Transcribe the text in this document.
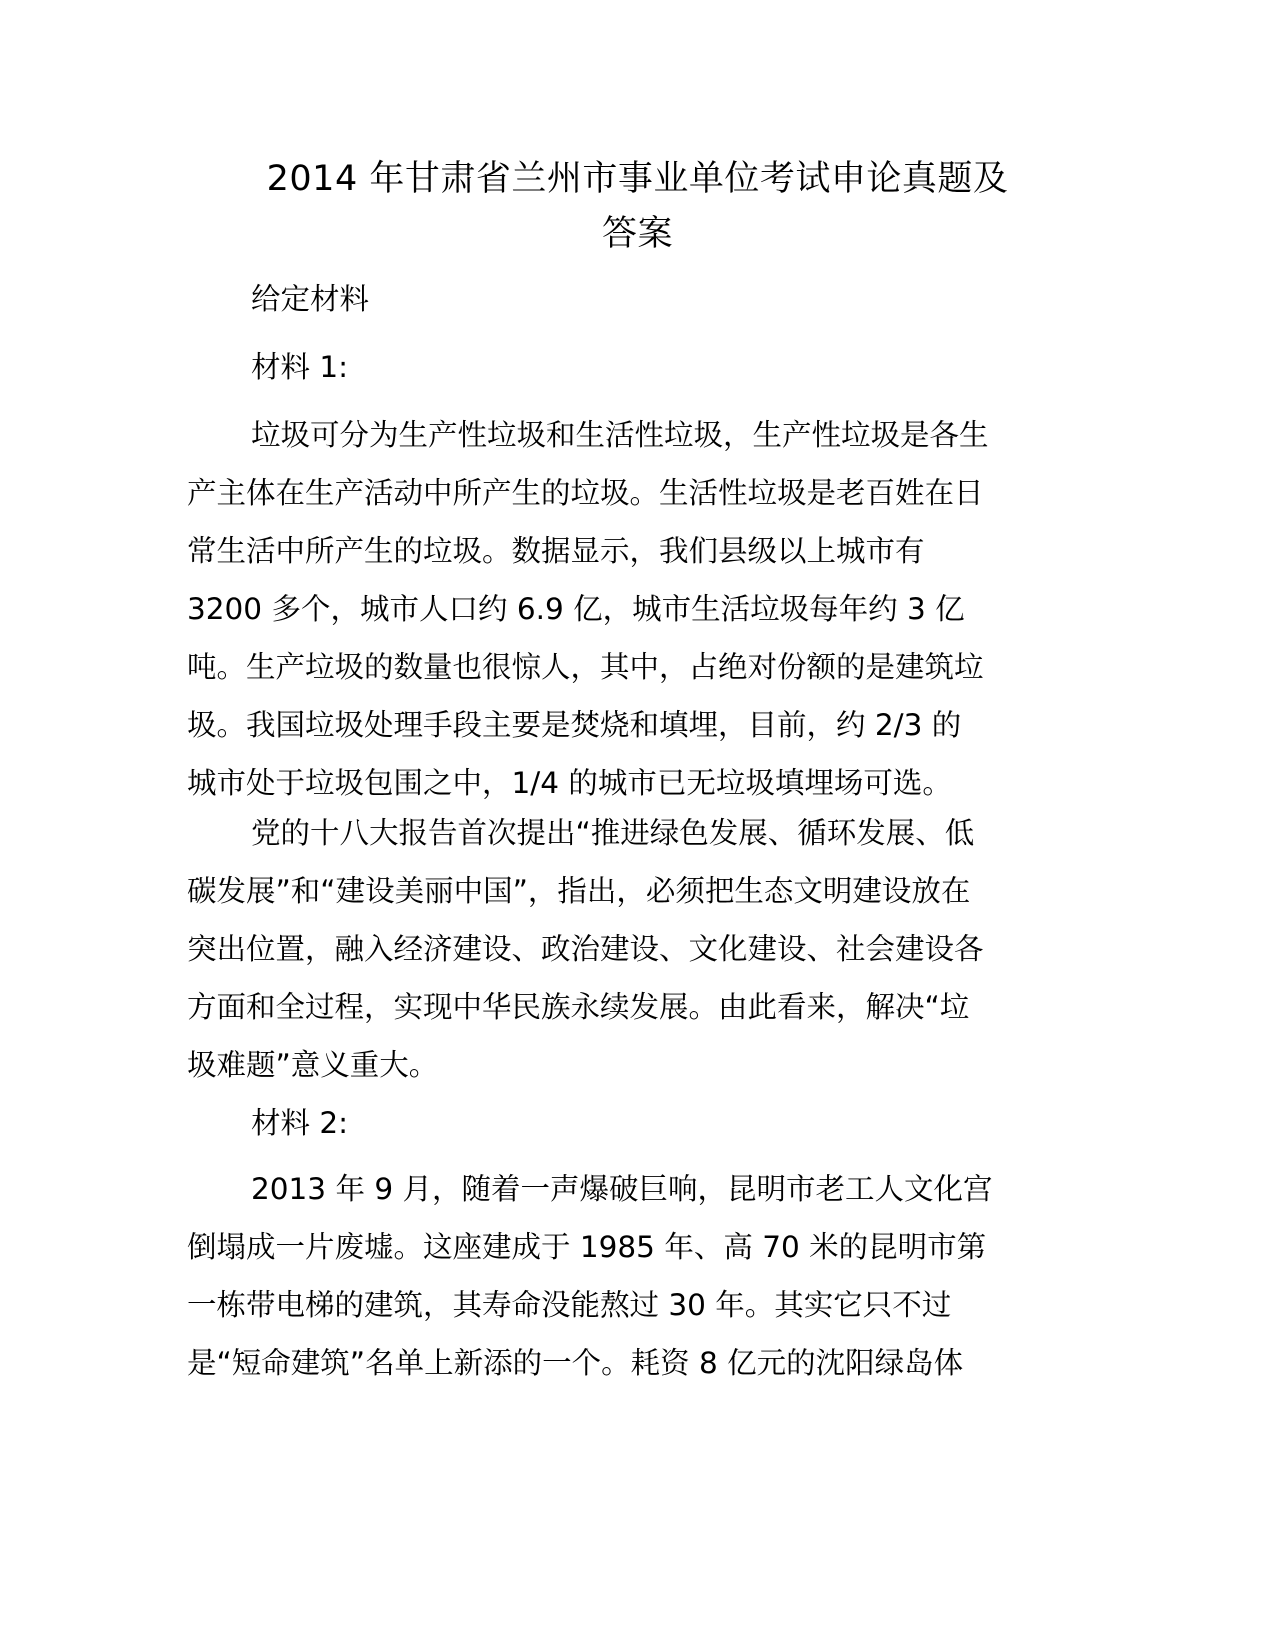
2014 年甘肃省兰州市事业单位考试申论真题及
答案

给定材料

材料 1:

垃圾可分为生产性垃圾和生活性垃圾，生产性垃圾是各生
产主体在生产活动中所产生的垃圾。生活性垃圾是老百姓在日
常生活中所产生的垃圾。数据显示，我们县级以上城市有
3200 多个，城市人口约 6.9 亿，城市生活垃圾每年约 3 亿
吨。生产垃圾的数量也很惊人，其中，占绝对份额的是建筑垃
圾。我国垃圾处理手段主要是焚烧和填埋，目前，约 2/3 的
城市处于垃圾包围之中，1/4 的城市已无垃圾填埋场可选。
党的十八大报告首次提出“推进绿色发展、循环发展、低
碳发展”和“建设美丽中国”，指出，必须把生态文明建设放在
突出位置，融入经济建设、政治建设、文化建设、社会建设各
方面和全过程，实现中华民族永续发展。由此看来，解决“垃
圾难题”意义重大。

材料 2:

2013 年 9 月，随着一声爆破巨响，昆明市老工人文化宫
倒塌成一片废墟。这座建成于 1985 年、高 70 米的昆明市第
一栋带电梯的建筑，其寿命没能熬过 30 年。其实它只不过
是“短命建筑”名单上新添的一个。耗资 8 亿元的沈阳绿岛体
